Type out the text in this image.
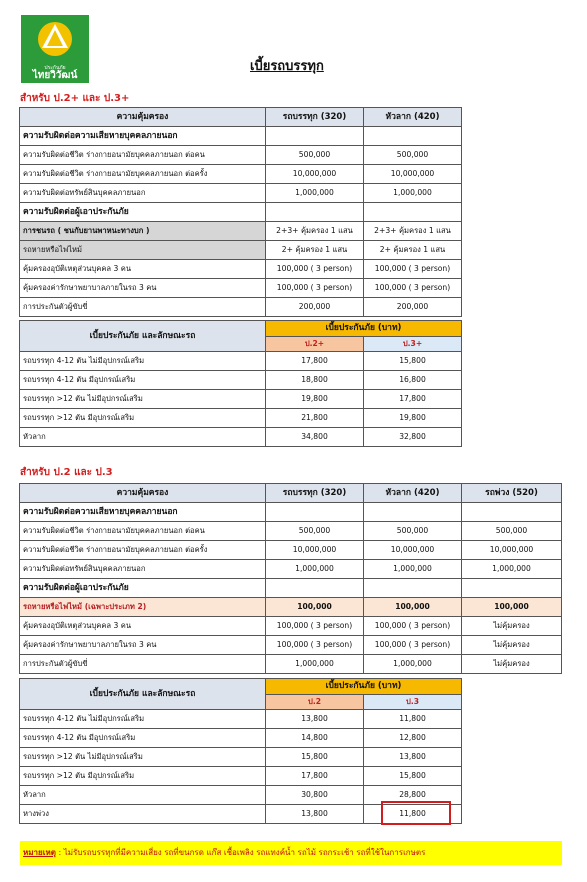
ประกันภัย
ไทยวิวัฒน์
เบี้ยรถบรรทุก
สำหรับ ป.2+ และ ป.3+
ความคุ้มครอง	รถบรรทุก (320)	หัวลาก (420)
ความรับผิดต่อความเสียหายบุคคลภายนอก		
ความรับผิดต่อชีวิต ร่างกายอนามัยบุคคลภายนอก ต่อคน	500,000	500,000
ความรับผิดต่อชีวิต ร่างกายอนามัยบุคคลภายนอก ต่อครั้ง	10,000,000	10,000,000
ความรับผิดต่อทรัพย์สินบุคคลภายนอก	1,000,000	1,000,000
ความรับผิดต่อผู้เอาประกันภัย		
การชนรถ ( ชนกับยานพาหนะทางบก )	2+3+ คุ้มครอง 1 แสน	2+3+ คุ้มครอง 1 แสน
รถหายหรือไฟไหม้	2+ คุ้มครอง 1 แสน	2+ คุ้มครอง 1 แสน
คุ้มครองอุบัติเหตุส่วนบุคคล 3 คน	100,000 ( 3 person)	100,000 ( 3 person)
คุ้มครองค่ารักษาพยาบาลภายในรถ 3 คน	100,000 ( 3 person)	100,000 ( 3 person)
การประกันตัวผู้ขับขี่	200,000	200,000
เบี้ยประกันภัย และลักษณะรถ	เบี้ยประกันภัย (บาท)	
	ป.2+	ป.3+
รถบรรทุก 4-12 ตัน ไม่มีอุปกรณ์เสริม	17,800	15,800
รถบรรทุก 4-12 ตัน มีอุปกรณ์เสริม	18,800	16,800
รถบรรทุก >12 ตัน ไม่มีอุปกรณ์เสริม	19,800	17,800
รถบรรทุก >12 ตัน มีอุปกรณ์เสริม	21,800	19,800
หัวลาก	34,800	32,800
สำหรับ ป.2 และ ป.3
ความคุ้มครอง	รถบรรทุก (320)	หัวลาก (420)	รถพ่วง (520)
ความรับผิดต่อความเสียหายบุคคลภายนอก			
ความรับผิดต่อชีวิต ร่างกายอนามัยบุคคลภายนอก ต่อคน	500,000	500,000	500,000
ความรับผิดต่อชีวิต ร่างกายอนามัยบุคคลภายนอก ต่อครั้ง	10,000,000	10,000,000	10,000,000
ความรับผิดต่อทรัพย์สินบุคคลภายนอก	1,000,000	1,000,000	1,000,000
ความรับผิดต่อผู้เอาประกันภัย			
รถหายหรือไฟไหม้ (เฉพาะประเภท 2)	100,000	100,000	100,000
คุ้มครองอุบัติเหตุส่วนบุคคล 3 คน	100,000 ( 3 person)	100,000 ( 3 person)	ไม่คุ้มครอง
คุ้มครองค่ารักษาพยาบาลภายในรถ 3 คน	100,000 ( 3 person)	100,000 ( 3 person)	ไม่คุ้มครอง
การประกันตัวผู้ขับขี่	1,000,000	1,000,000	ไม่คุ้มครอง
เบี้ยประกันภัย และลักษณะรถ	เบี้ยประกันภัย (บาท)	
	ป.2	ป.3
รถบรรทุก 4-12 ตัน ไม่มีอุปกรณ์เสริม	13,800	11,800
รถบรรทุก 4-12 ตัน มีอุปกรณ์เสริม	14,800	12,800
รถบรรทุก >12 ตัน ไม่มีอุปกรณ์เสริม	15,800	13,800
รถบรรทุก >12 ตัน มีอุปกรณ์เสริม	17,800	15,800
หัวลาก	30,800	28,800
หางพ่วง	13,800	11,800
หมายเหตุ : ไม่รับรถบรรทุกที่มีความเสี่ยง รถที่ขนกรด แก๊ส เชื้อเพลิง รถแทงค์น้ำ รถไม้ รถกระเช้า รถที่ใช้ในการเกษตร
